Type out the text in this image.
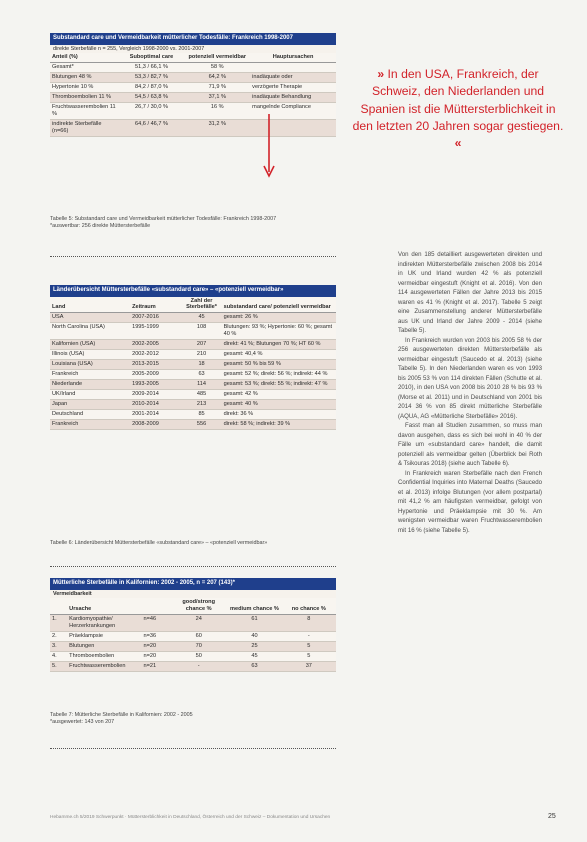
Substandard care und Vermeidbarkeit mütterlicher Todesfälle: Frankreich 1998-2007
direkte Sterbefälle n = 255, Vergleich 1998-2000 vs. 2001-2007
Anteil (%)	Suboptimal care	potenziell vermeidbar	Hauptursachen
Gesamt*	51,3 / 66,1 %	58 %	
Blutungen 48 %	53,3 / 82,7 %	64,2 %	inadäquate oder
Hypertonie 10 %	84,2 / 87,0 %	71,9 %	verzögerte Therapie
Thromboembolien 11 %	54,5 / 63,8 %	37,1 %	inadäquate Behandlung
Fruchtwasserembolien 11 %	26,7 / 30,0 %	16 %	mangelnde Compliance
indirekte Sterbefälle (n=66)	64,6 / 46,7 %	31,2 %	
Tabelle 5: Substandard care und Vermeidbarkeit mütterlicher Todesfälle: Frankreich 1998-2007
*auswertbar: 256 direkte Müttersterbefälle
Länderübersicht Müttersterbefälle «substandard care» – «potenziell vermeidbar»
Land	Zeitraum	Zahl der Sterbefälle*	substandard care/ potenziell vermeidbar
USA	2007-2016	45	gesamt: 26 %
North Carolina (USA)	1995-1999	108	Blutungen: 93 %; Hypertonie: 60 %; gesamt 40 %
Kalifornien (USA)	2002-2005	207	direkt: 41 %; Blutungen 70 %; HT 60 %
Illinois (USA)	2002-2012	210	gesamt: 40,4 %
Louisiana (USA)	2013-2015	18	gesamt: 50 % bis 59 %
Frankreich	2005-2009	63	gesamt: 52 %; direkt: 56 %; indirekt: 44 %
Niederlande	1993-2005	114	gesamt: 53 %; direkt: 55 %; indirekt: 47 %
UK/Irland	2009-2014	485	gesamt: 42 %
Japan	2010-2014	213	gesamt: 40 %
Deutschland	2001-2014	85	direkt: 36 %
Frankreich	2008-2009	556	direkt: 58 %; indirekt: 39 %
Tabelle 6: Länderübersicht Müttersterbefälle «substandard care» – «potenziell vermeidbar»
Mütterliche Sterbefälle in Kalifornien: 2002 - 2005, n = 207 (143)*
Vermeidbarkeit
	Ursache		good/strong chance %	medium chance %	no chance %
1.	Kardiomyopathie/ Herzerkrankungen	n=46	24	61	8
2.	Präeklampsie	n=36	60	40	-
3.	Blutungen	n=20	70	25	5
4.	Thromboembolien	n=20	50	45	5
5.	Fruchtwasserembolien	n=21	-	63	37
Tabelle 7: Mütterliche Sterbefälle in Kalifornien: 2002 - 2005
*ausgewertet: 143 von 207
» In den USA, Frankreich, der Schweiz, den Niederlanden und Spanien ist die Müttersterblichkeit in den letzten 20 Jahren sogar gestiegen. «

Von den 185 detailliert ausgewerteten direkten und indirekten Müttersterbefälle zwischen 2008 bis 2014 in UK und Irland wurden 42 % als potenziell vermeidbar eingestuft (Knight et al. 2016). Von den 114 ausgewerteten Fällen der Jahre 2013 bis 2015 waren es 41 % (Knight et al. 2017). Tabelle 5 zeigt eine Zusammenstellung anderer Müttersterbefälle aus UK und Irland der Jahre 2009 - 2014 (siehe Tabelle 5).

In Frankreich wurden von 2003 bis 2005 58 % der 256 ausgewerteten direkten Müttersterbefälle als vermeidbar eingestuft (Saucedo et al. 2013) (siehe Tabelle 5). In den Niederlanden waren es von 1993 bis 2005 53 % von 114 direkten Fällen (Schutte et al. 2010), in den USA von 2008 bis 2010 28 % bis 93 % (Morse et al. 2011) und in Deutschland von 2001 bis 2014 36 % von 85 direkt mütterliche Sterbefälle (AQUA, AG «Mütterliche Sterbefälle» 2016).

Fasst man all Studien zusammen, so muss man davon ausgehen, dass es sich bei wohl in 40 % der Fälle um «substandard care» handelt, die damit potenziell als vermeidbar gelten (Überblick bei Roth & Tsikouras 2018) (siehe auch Tabelle 6).

In Frankreich waren Sterbefälle nach den French Confidential Inquiries into Maternal Deaths (Saucedo et al. 2013) infolge Blutungen (vor allem postpartal) mit 41,2 % am häufigsten vermeidbar, gefolgt von Hypertonie und Präeklampsie mit 30 %. Am wenigsten vermeidbar waren Fruchtwasserembolien mit 16 % (siehe Tabelle 5).

Hebamme.ch 5/2019 Schwerpunkt · Müttersterblichkeit in Deutschland, Österreich und der Schweiz – Dokumentation und Ursachen	25
